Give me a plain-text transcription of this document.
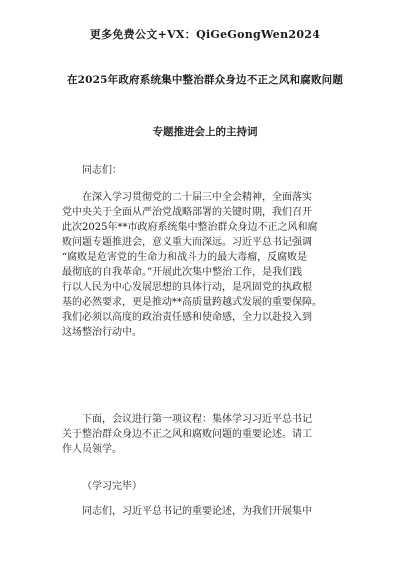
更多免费公文+VX：QiGeGongWen2024
在2025年政府系统集中整治群众身边不正之风和腐败问题
专题推进会上的主持词
同志们：
在深入学习贯彻党的二十届三中全会精神，全面落实
党中央关于全面从严治党战略部署的关键时期，我们召开
此次2025年**市政府系统集中整治群众身边不正之风和腐
败问题专题推进会，意义重大而深远。习近平总书记强调
“腐败是危害党的生命力和战斗力的最大毒瘤，反腐败是
最彻底的自我革命。”开展此次集中整治工作，是我们践
行以人民为中心发展思想的具体行动，是巩固党的执政根
基的必然要求，更是推动**高质量跨越式发展的重要保障。
我们必须以高度的政治责任感和使命感，全力以赴投入到
这场整治行动中。
下面，会议进行第一项议程：集体学习习近平总书记
关于整治群众身边不正之风和腐败问题的重要论述。请工
作人员领学。
（学习完毕）
同志们，习近平总书记的重要论述，为我们开展集中
